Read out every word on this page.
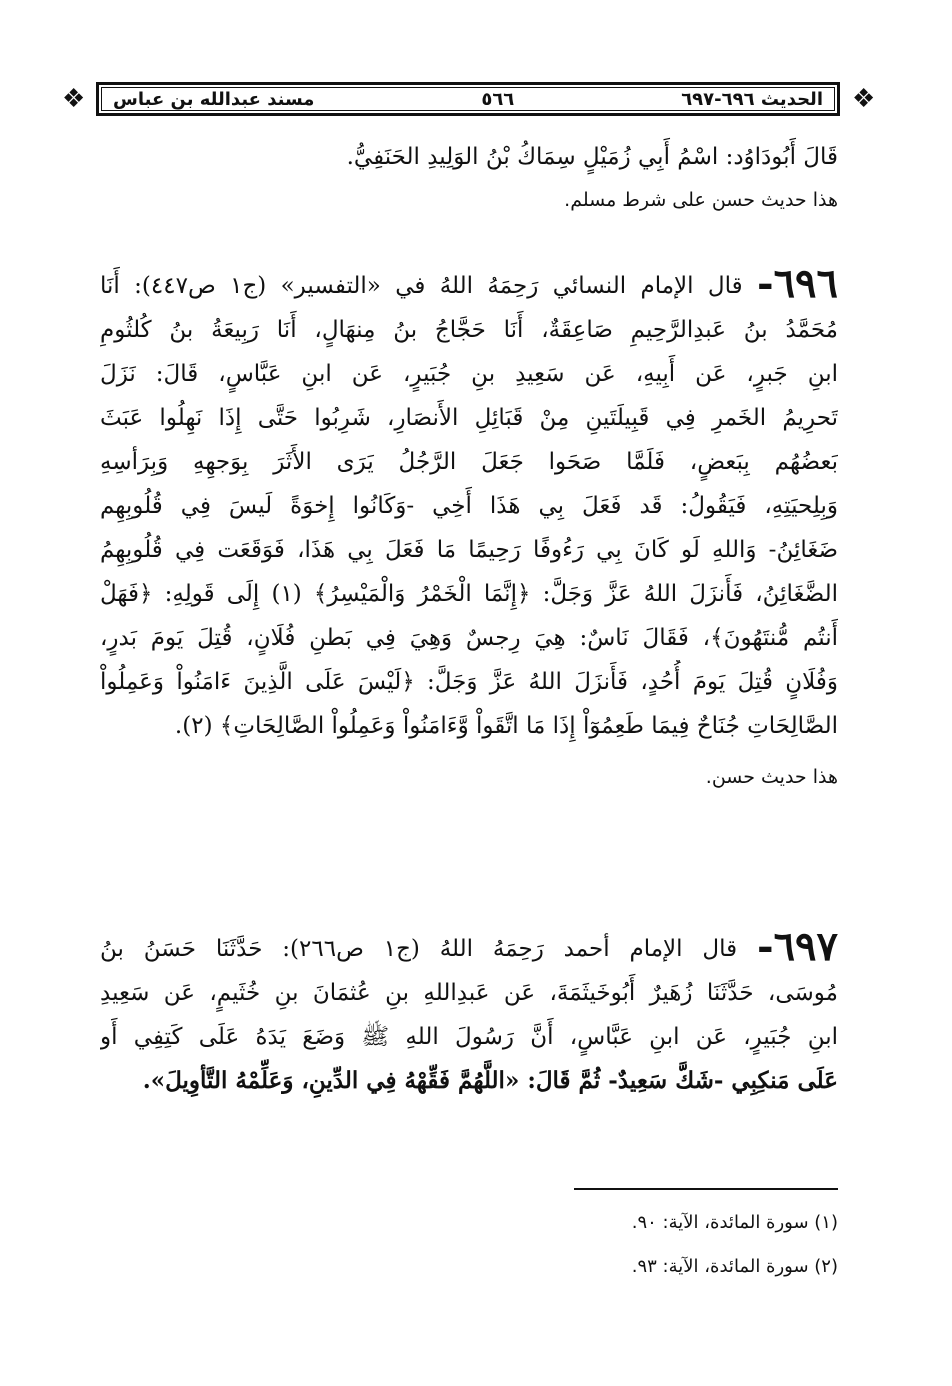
❖	❖
الحديث ٦٩٦-٦٩٧
٥٦٦
مسند عبدالله بن عباس
قَالَ أَبُودَاوُد: اسْمُ أَبِي زُمَيْلٍ سِمَاكُ بْنُ الوَلِيدِ الحَنَفِيُّ.
هذا حديث حسن على شرط مسلم.
٦٩٦- قال الإمام النسائي رَحِمَهُ اللهُ في «التفسير» (ج١ ص٤٤٧): أَنَا
مُحَمَّدُ بنُ عَبدِالرَّحِيمِ صَاعِقَةٌ، أَنَا حَجَّاجُ بنُ مِنهَالٍ، أَنَا رَبِيعَةُ بنُ كُلثُومِ
ابنِ جَبرٍ، عَن أَبِيهِ، عَن سَعِيدِ بنِ جُبَيرٍ، عَن ابنِ عَبَّاسٍ، قَالَ: نَزَلَ
تَحرِيمُ الخَمرِ فِي قَبِيلَتَينِ مِنْ قَبَائِلِ الأَنصَارِ، شَرِبُوا حَتَّى إِذَا نَهِلُوا عَبَثَ
بَعضُهُم بِبَعضٍ، فَلَمَّا صَحَوا جَعَلَ الرَّجُلُ يَرَى الأَثَرَ بِوَجهِهِ وَبِرَأسِهِ
وَبِلِحيَتِهِ، فَيَقُولُ: قَد فَعَلَ بِي هَذَا أَخِي -وَكَانُوا إِخوَةً لَيسَ فِي قُلُوبِهِم
ضَغَائِنُ- وَاللهِ لَو كَانَ بِي رَءُوفًا رَحِيمًا مَا فَعَلَ بِي هَذَا، فَوَقَعَت فِي قُلُوبِهِمُ
الضَّغَائِنُ، فَأَنزَلَ اللهُ عَزَّ وَجَلَّ: ﴿إِنَّمَا الْخَمْرُ وَالْمَيْسِرُ﴾ (١) إِلَى قَولِهِ: ﴿فَهَلْ
أَنتُم مُّنتَهُونَ﴾، فَقَالَ نَاسٌ: هِيَ رِجسٌ وَهِيَ فِي بَطنِ فُلَانٍ، قُتِلَ يَومَ بَدرٍ،
وَفُلَانٍ قُتِلَ يَومَ أُحُدٍ، فَأَنزَلَ اللهُ عَزَّ وَجَلَّ: ﴿لَيْسَ عَلَى الَّذِينَ ءَامَنُواْ وَعَمِلُواْ
الصَّالِحَاتِ جُنَاحٌ فِيمَا طَعِمُوٓاْ إِذَا مَا اتَّقَواْ وَّءَامَنُواْ وَعَمِلُواْ الصَّالِحَاتِ﴾ (٢).
هذا حديث حسن.
٦٩٧- قال الإمام أحمد رَحِمَهُ اللهُ (ج١ ص٢٦٦): حَدَّثَنَا حَسَنُ بنُ
مُوسَى، حَدَّثَنَا زُهَيرٌ أَبُوخَيثَمَةَ، عَن عَبدِاللهِ بنِ عُثمَانَ بنِ خُثَيمٍ، عَن سَعِيدِ
ابنِ جُبَيرٍ، عَن ابنِ عَبَّاسٍ، أَنَّ رَسُولَ اللهِ ﷺ وَضَعَ يَدَهُ عَلَى كَتِفِي أَو
عَلَى مَنكِبِي -شَكَّ سَعِيدٌ- ثُمَّ قَالَ: «اللَّهُمَّ فَقِّهْهُ فِي الدِّينِ، وَعَلِّمْهُ التَّأوِيلَ».
(١) سورة المائدة، الآية: ٩٠.
(٢) سورة المائدة، الآية: ٩٣.
